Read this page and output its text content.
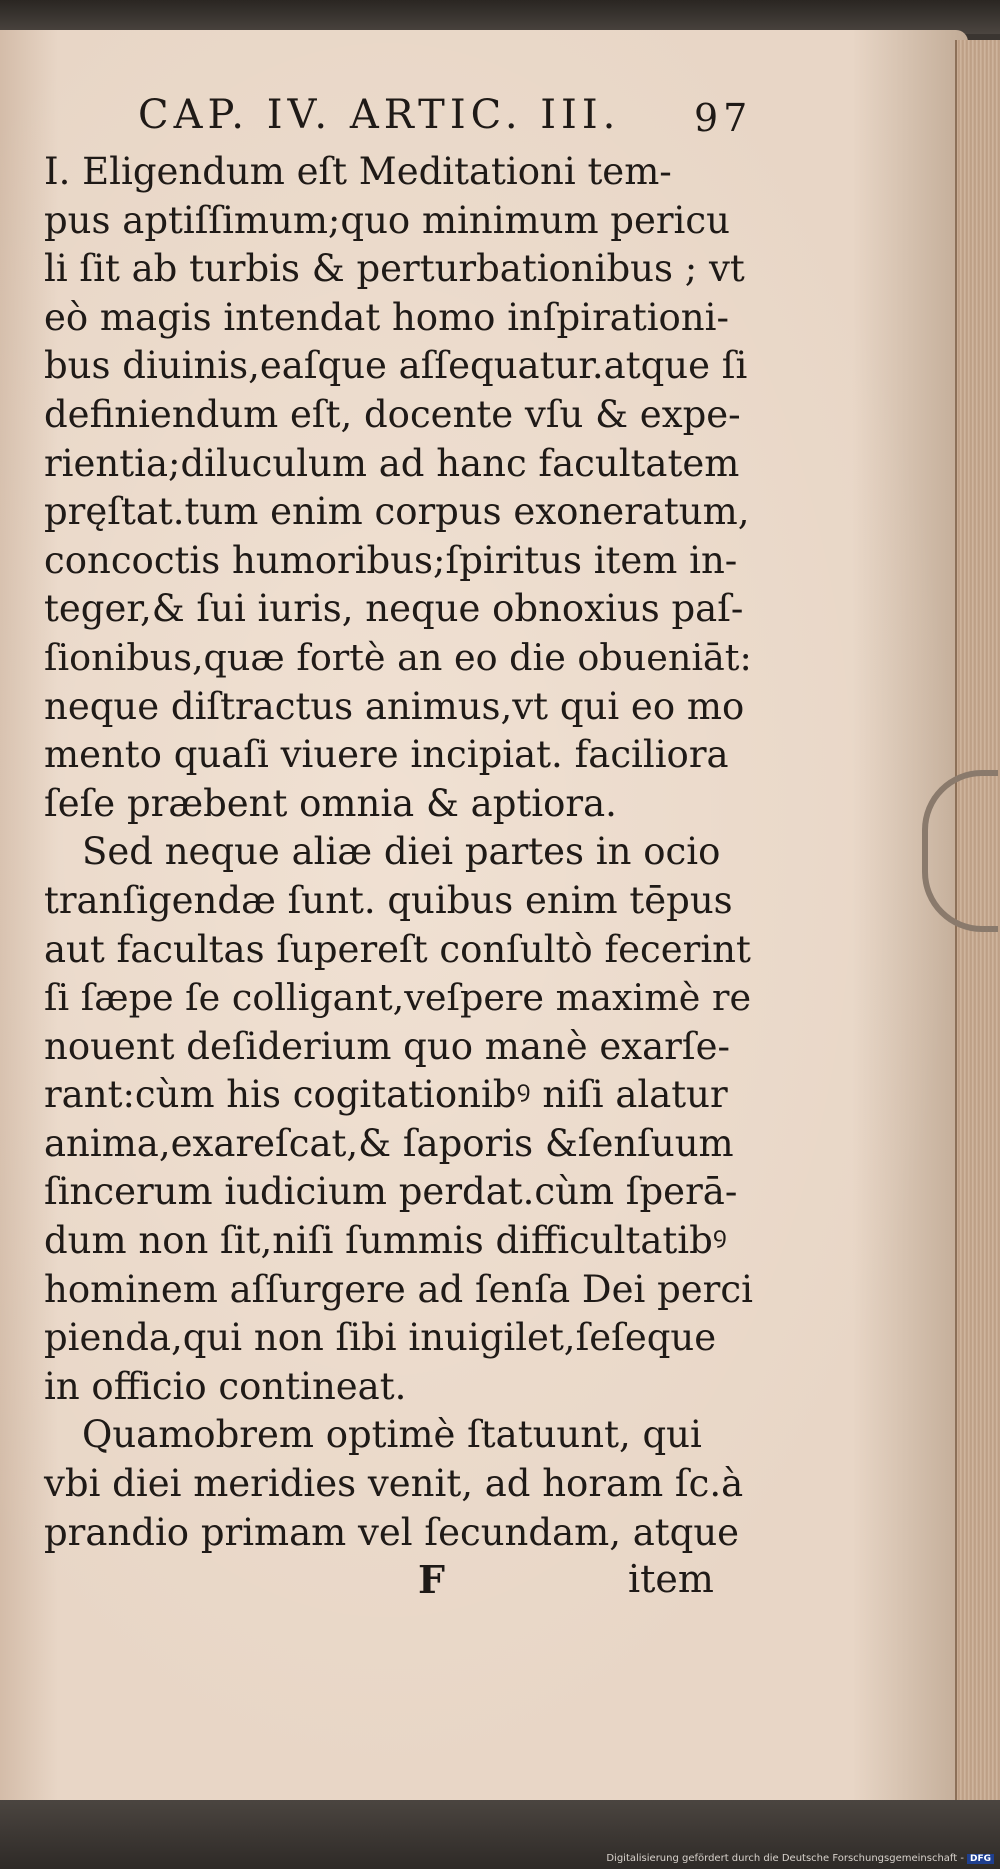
CAP. IV. ARTIC. III. 97
I. Eligendum eſt Meditationi tem-
pus aptiſſimum;quo minimum pericu
li ſit ab turbis & perturbationibus ; vt
eò magis intendat homo inſpirationi-
bus diuinis,eaſque aſſequatur.atque ſi
definiendum eſt, docente vſu & expe-
rientia;diluculum ad hanc facultatem
pręſtat.tum enim corpus exoneratum,
concoctis humoribus;ſpiritus item in-
teger,& ſui iuris, neque obnoxius paſ-
ſionibus,quæ fortè an eo die obueniāt:
neque diſtractus animus,vt qui eo mo
mento quaſi viuere incipiat. faciliora
ſeſe præbent omnia & aptiora.
Sed neque aliæ diei partes in ocio
tranſigendæ ſunt. quibus enim tēpus
aut facultas ſupereſt conſultò fecerint
ſi ſæpe ſe colligant,veſpere maximè re
nouent deſiderium quo manè exarſe-
rant:cùm his cogitationibꝰ niſi alatur
anima,exareſcat,& ſaporis &ſenſuum
ſincerum iudicium perdat.cùm ſperā-
dum non ſit,niſi ſummis difficultatibꝰ
hominem aſſurgere ad ſenſa Dei perci
pienda,qui non ſibi inuigilet,ſeſeque
in officio contineat.
Quamobrem optimè ſtatuunt, qui
vbi diei meridies venit, ad horam ſc.à
prandio primam vel ſecundam, atque
F	item
Digitalisierung gefördert durch die Deutsche Forschungsgemeinschaft - DFG
